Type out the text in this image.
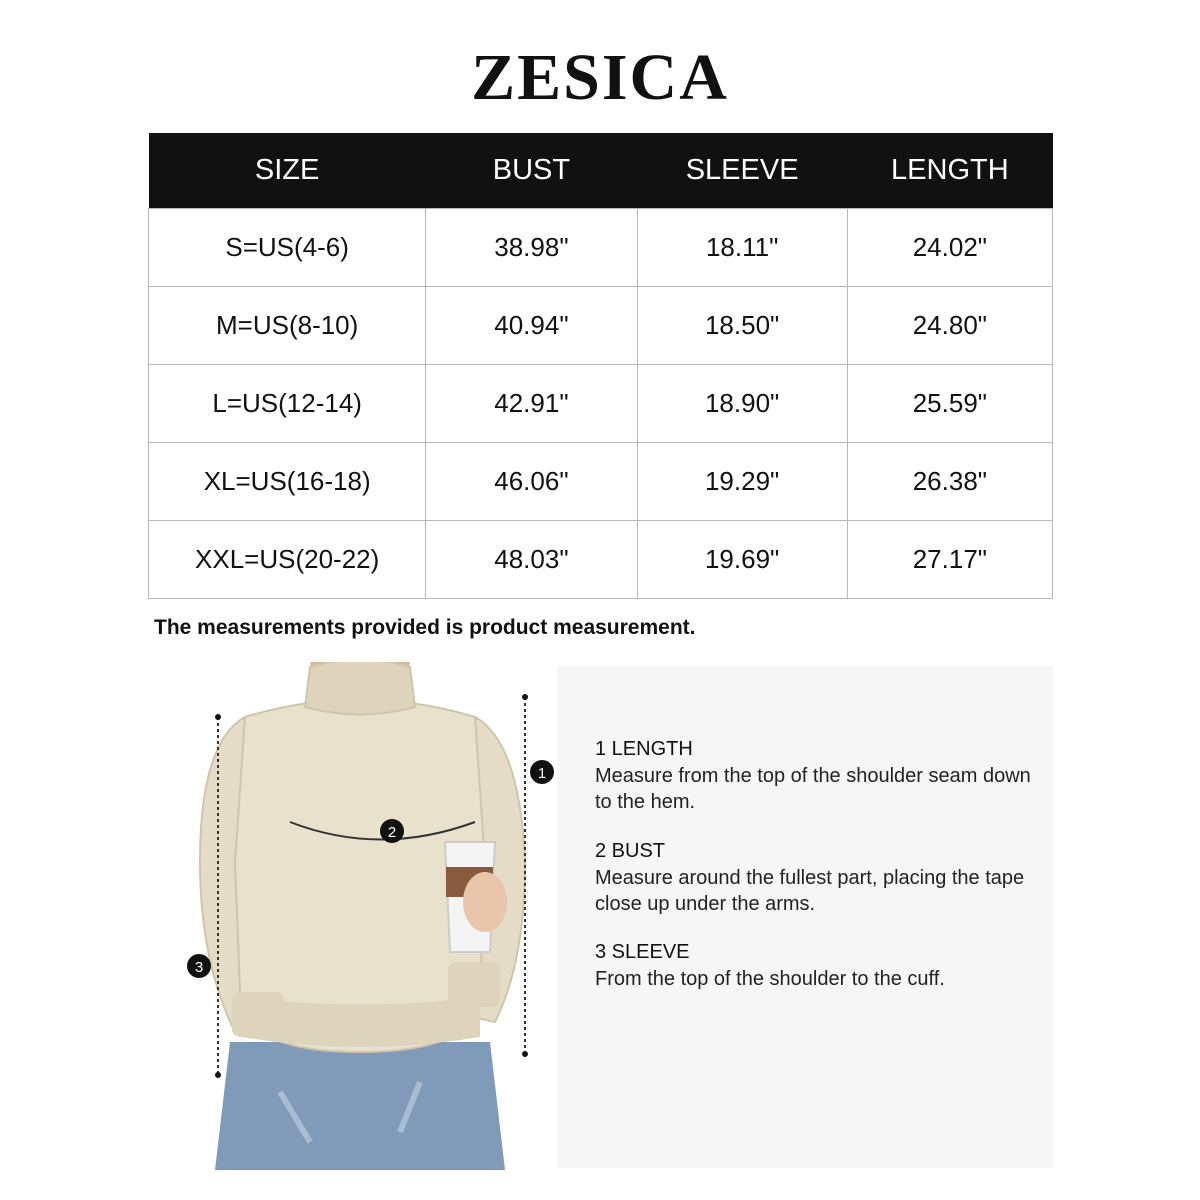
ZESICA
SIZE	BUST	SLEEVE	LENGTH
S=US(4-6)	38.98"	18.11"	24.02"
M=US(8-10)	40.94"	18.50"	24.80"
L=US(12-14)	42.91"	18.90"	25.59"
XL=US(16-18)	46.06"	19.29"	26.38"
XXL=US(20-22)	48.03"	19.69"	27.17"
The measurements provided is product measurement.
1
3
2
1 LENGTH
Measure from the top of the shoulder seam down to the hem.
2 BUST
Measure around the fullest part, placing the tape close up under the arms.
3 SLEEVE
From the top of the shoulder to the cuff.
